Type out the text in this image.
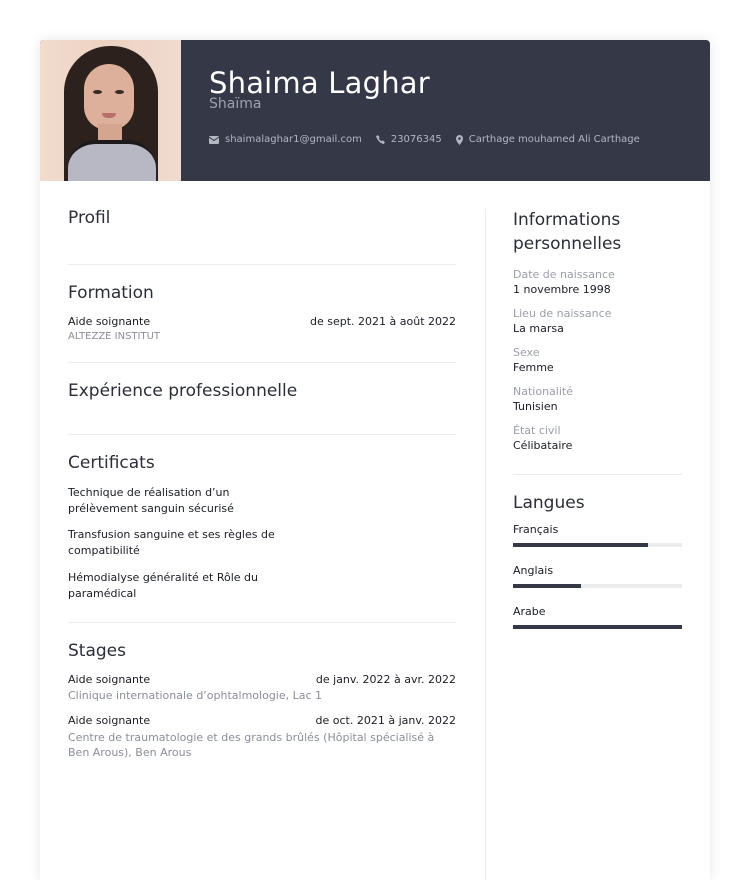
Shaima Laghar
Shaïma
shaimalaghar1@gmail.com	23076345	Carthage mouhamed Ali Carthage
Profil
Formation
Aide soignante	de sept. 2021 à août 2022
ALTEZZE INSTITUT
Expérience professionnelle
Certificats
Technique de réalisation d’un prélèvement sanguin sécurisé
Transfusion sanguine et ses règles de compatibilité
Hémodialyse généralité et Rôle du paramédical
Stages
Aide soignante	de janv. 2022 à avr. 2022
Clinique internationale d’ophtalmologie, Lac 1
Aide soignante	de oct. 2021 à janv. 2022
Centre de traumatologie et des grands brûlés (Hôpital spécialisé à Ben Arous), Ben Arous
Informations personnelles
Date de naissance
1 novembre 1998
Lieu de naissance
La marsa
Sexe
Femme
Nationalité
Tunisien
État civil
Célibataire
Langues
Français
Anglais
Arabe
